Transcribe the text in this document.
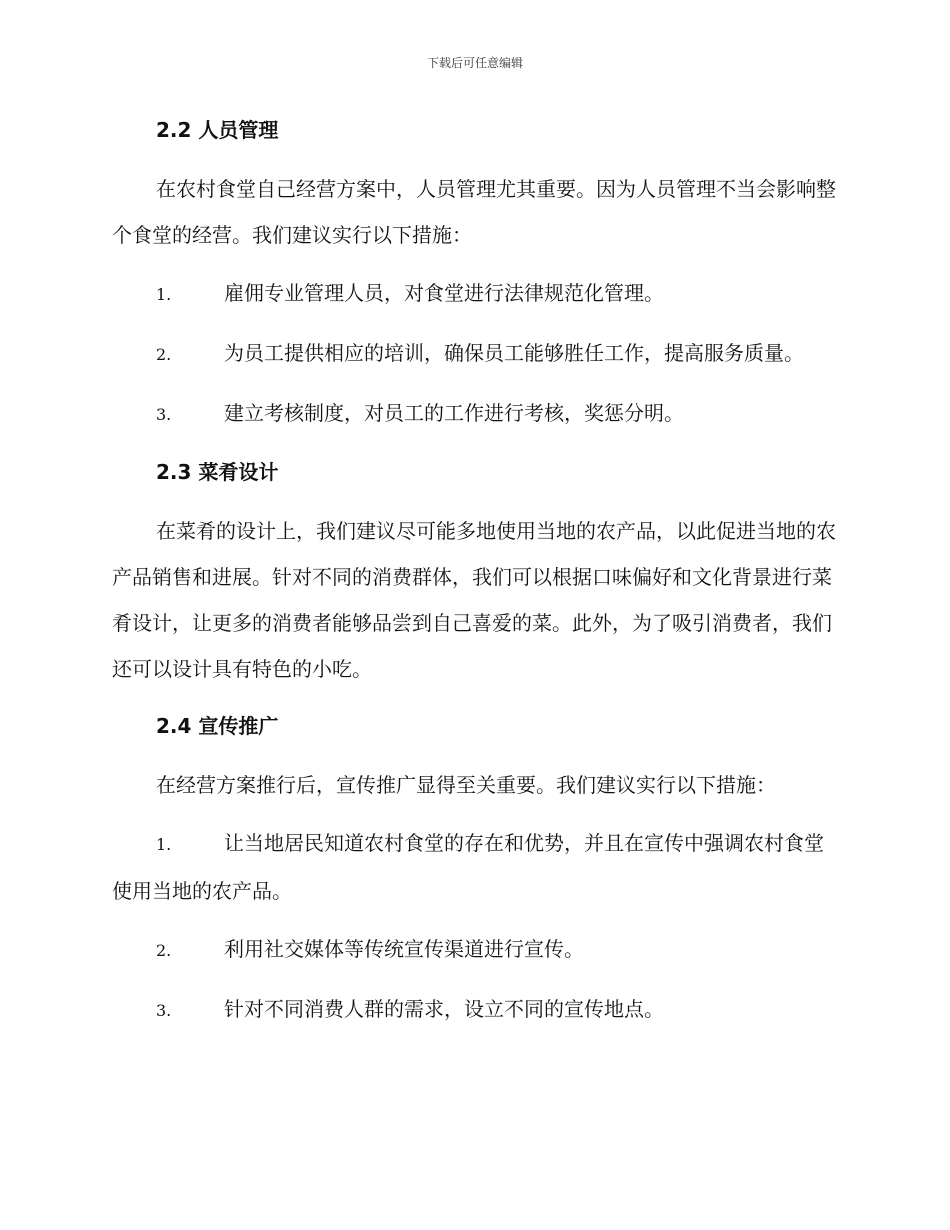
下载后可任意编辑
2.2 人员管理

在农村食堂自己经营方案中，人员管理尤其重要。因为人员管理不当会影响整个食堂的经营。我们建议实行以下措施：

1.	雇佣专业管理人员，对食堂进行法律规范化管理。

2.	为员工提供相应的培训，确保员工能够胜任工作，提高服务质量。

3.	建立考核制度，对员工的工作进行考核，奖惩分明。

2.3 菜肴设计

在菜肴的设计上，我们建议尽可能多地使用当地的农产品，以此促进当地的农产品销售和进展。针对不同的消费群体，我们可以根据口味偏好和文化背景进行菜肴设计，让更多的消费者能够品尝到自己喜爱的菜。此外，为了吸引消费者，我们还可以设计具有特色的小吃。

2.4 宣传推广

在经营方案推行后，宣传推广显得至关重要。我们建议实行以下措施：

1.	让当地居民知道农村食堂的存在和优势，并且在宣传中强调农村食堂使用当地的农产品。

2.	利用社交媒体等传统宣传渠道进行宣传。

3.	针对不同消费人群的需求，设立不同的宣传地点。
